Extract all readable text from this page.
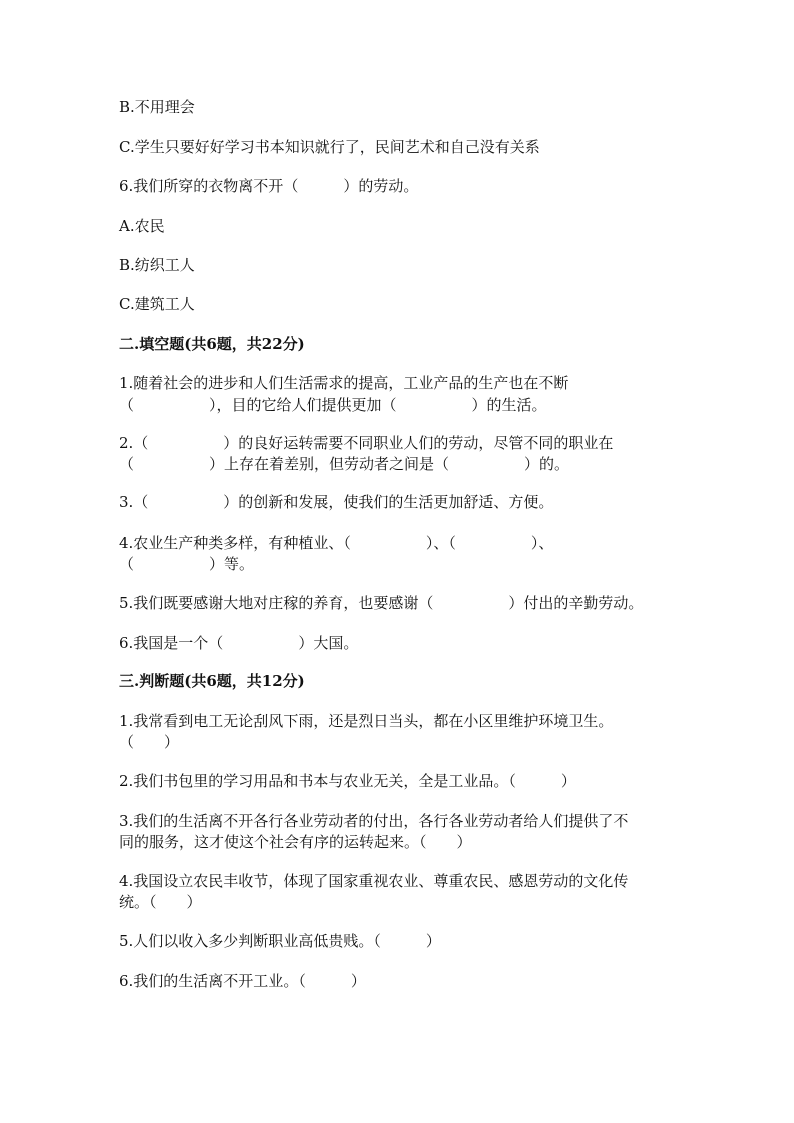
B.不用理会
C.学生只要好好学习书本知识就行了，民间艺术和自己没有关系
6.我们所穿的衣物离不开（　　　）的劳动。
A.农民
B.纺织工人
C.建筑工人
二.填空题(共6题，共22分)
1.随着社会的进步和人们生活需求的提高，工业产品的生产也在不断
（　　　　　），目的它给人们提供更加（　　　　　）的生活。
2.（　　　　　）的良好运转需要不同职业人们的劳动，尽管不同的职业在
（　　　　　）上存在着差别，但劳动者之间是（　　　　　）的。
3.（　　　　　）的创新和发展，使我们的生活更加舒适、方便。
4.农业生产种类多样，有种植业、（　　　　　）、（　　　　　）、
（　　　　　）等。
5.我们既要感谢大地对庄稼的养育，也要感谢（　　　　　）付出的辛勤劳动。
6.我国是一个（　　　　　）大国。
三.判断题(共6题，共12分)
1.我常看到电工无论刮风下雨，还是烈日当头，都在小区里维护环境卫生。
（　　）
2.我们书包里的学习用品和书本与农业无关，全是工业品。（　　　）
3.我们的生活离不开各行各业劳动者的付出，各行各业劳动者给人们提供了不
同的服务，这才使这个社会有序的运转起来。（　　）
4.我国设立农民丰收节，体现了国家重视农业、尊重农民、感恩劳动的文化传
统。（　　）
5.人们以收入多少判断职业高低贵贱。（　　　）
6.我们的生活离不开工业。（　　　）
